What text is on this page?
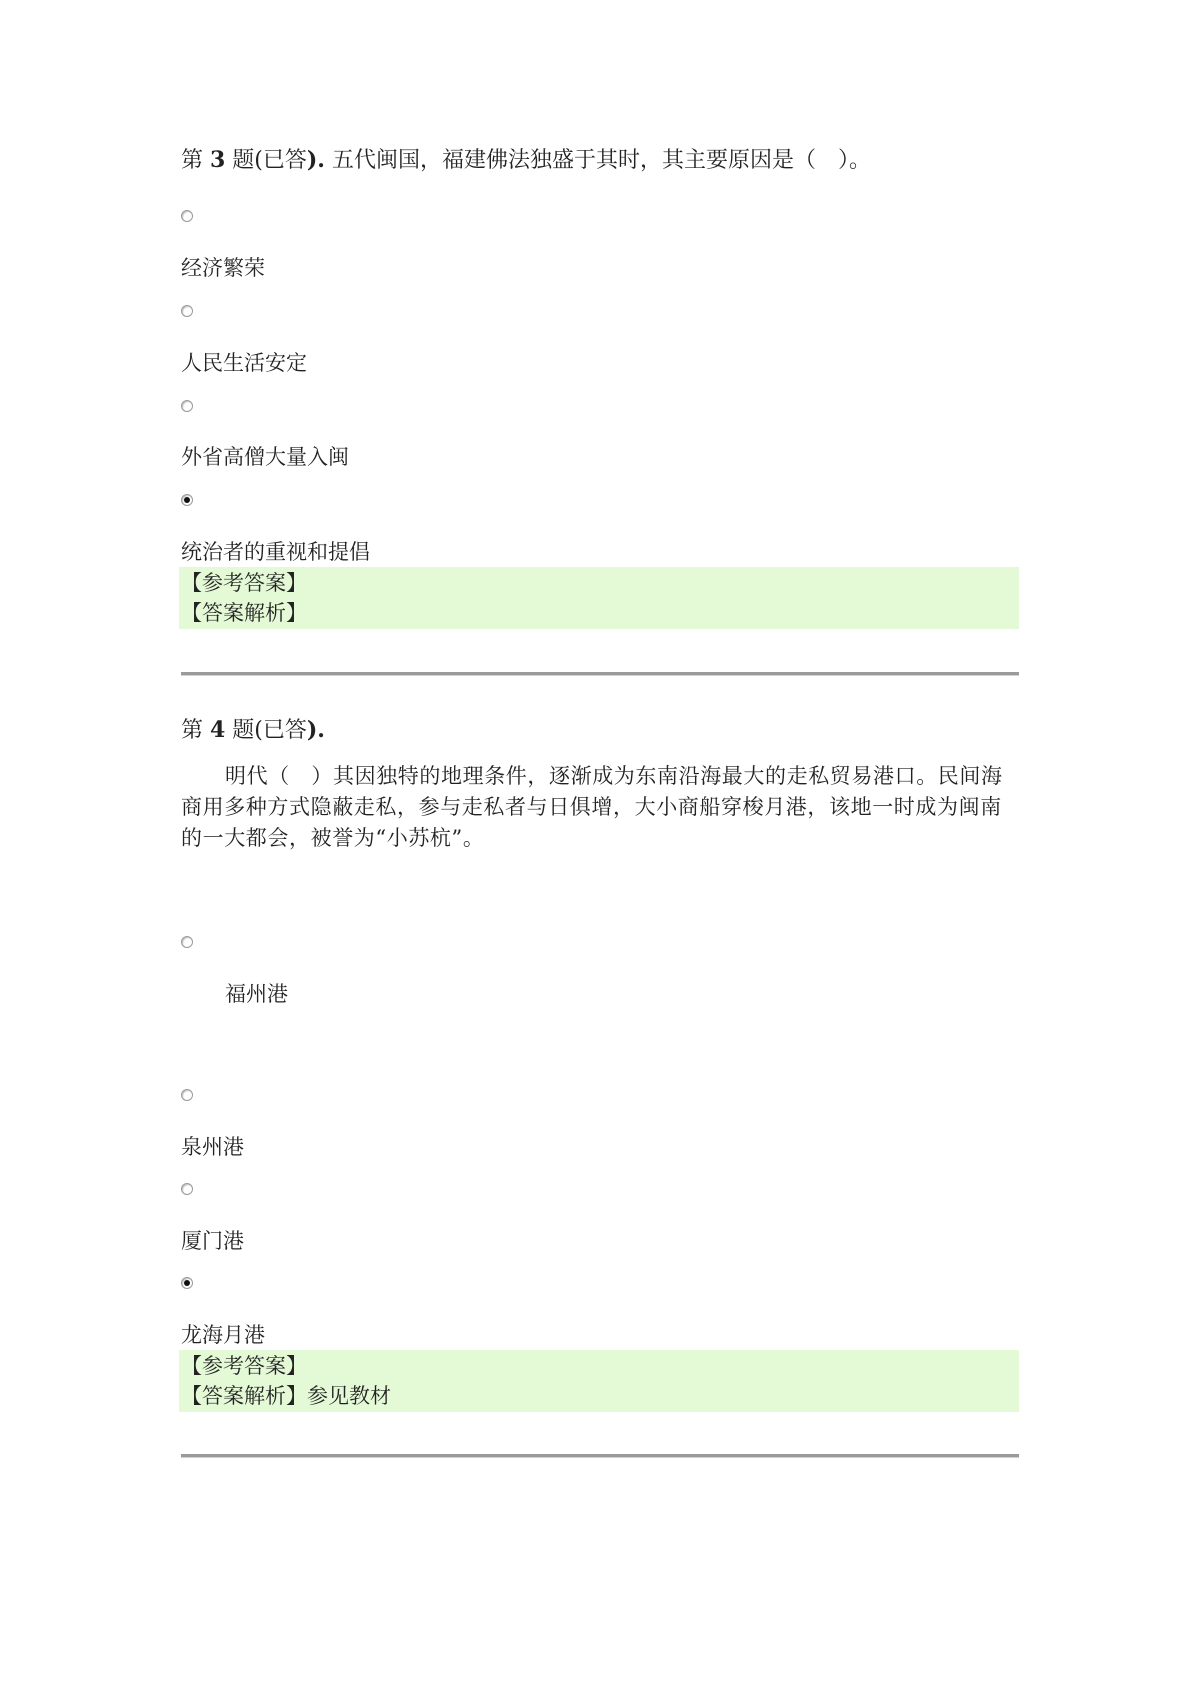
第 3 题(已答). 五代闽国，福建佛法独盛于其时，其主要原因是（　）。
经济繁荣
人民生活安定
外省高僧大量入闽
统治者的重视和提倡
【参考答案】
【答案解析】
第 4 题(已答).
明代（　）其因独特的地理条件，逐渐成为东南沿海最大的走私贸易港口。民间海商用多种方式隐蔽走私，参与走私者与日俱增，大小商船穿梭月港，该地一时成为闽南的一大都会，被誉为“小苏杭”。
福州港
泉州港
厦门港
龙海月港
【参考答案】
【答案解析】参见教材
